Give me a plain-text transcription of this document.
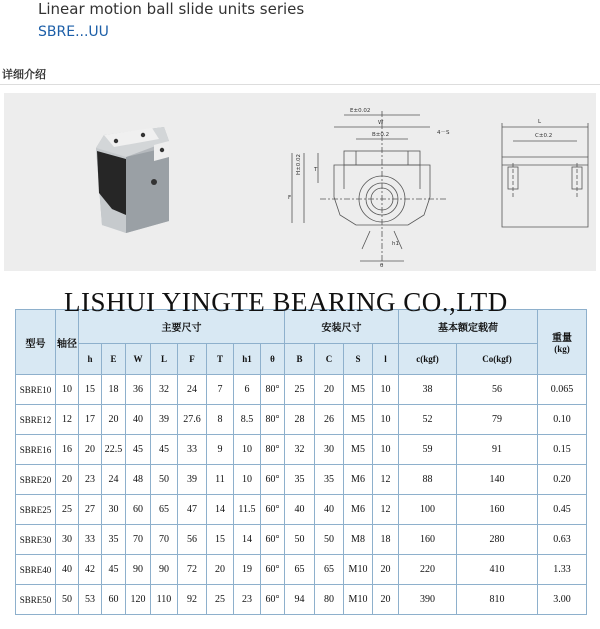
Linear motion ball slide units series
SBRE...UU
详细介绍
E±0.02
W
B±0.2	4－S
H±0.02
F
T
h1
θ
L
C±0.2
LISHUI YINGTE BEARING CO.,LTD
型号	轴径	主要尺寸								安装尺寸				基本额定载荷		重量
(kg)
		h	E	W	L	F	T	h1	θ	B	C	S	l	c(kgf)	Co(kgf)	
SBRE10	10	15	18	36	32	24	7	6	80°	25	20	M5	10	38	56	0.065
SBRE12	12	17	20	40	39	27.6	8	8.5	80°	28	26	M5	10	52	79	0.10
SBRE16	16	20	22.5	45	45	33	9	10	80°	32	30	M5	10	59	91	0.15
SBRE20	20	23	24	48	50	39	11	10	60°	35	35	M6	12	88	140	0.20
SBRE25	25	27	30	60	65	47	14	11.5	60°	40	40	M6	12	100	160	0.45
SBRE30	30	33	35	70	70	56	15	14	60°	50	50	M8	18	160	280	0.63
SBRE40	40	42	45	90	90	72	20	19	60°	65	65	M10	20	220	410	1.33
SBRE50	50	53	60	120	110	92	25	23	60°	94	80	M10	20	390	810	3.00
